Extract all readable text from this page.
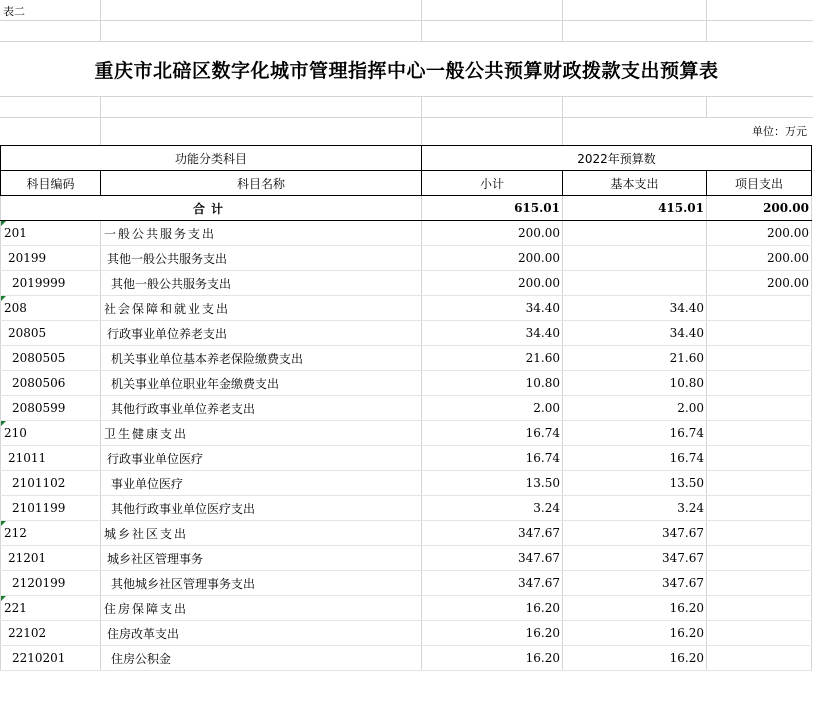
表二
重庆市北碚区数字化城市管理指挥中心一般公共预算财政拨款支出预算表
单位：万元
功能分类科目		2022年预算数		
科目编码	科目名称	小计	基本支出	项目支出
合计		615.01	415.01	200.00
201	一般公共服务支出	200.00		200.00
20199	其他一般公共服务支出	200.00		200.00
2019999	其他一般公共服务支出	200.00		200.00
208	社会保障和就业支出	34.40	34.40	
20805	行政事业单位养老支出	34.40	34.40	
2080505	机关事业单位基本养老保险缴费支出	21.60	21.60	
2080506	机关事业单位职业年金缴费支出	10.80	10.80	
2080599	其他行政事业单位养老支出	2.00	2.00	
210	卫生健康支出	16.74	16.74	
21011	行政事业单位医疗	16.74	16.74	
2101102	事业单位医疗	13.50	13.50	
2101199	其他行政事业单位医疗支出	3.24	3.24	
212	城乡社区支出	347.67	347.67	
21201	城乡社区管理事务	347.67	347.67	
2120199	其他城乡社区管理事务支出	347.67	347.67	
221	住房保障支出	16.20	16.20	
22102	住房改革支出	16.20	16.20	
2210201	住房公积金	16.20	16.20	
